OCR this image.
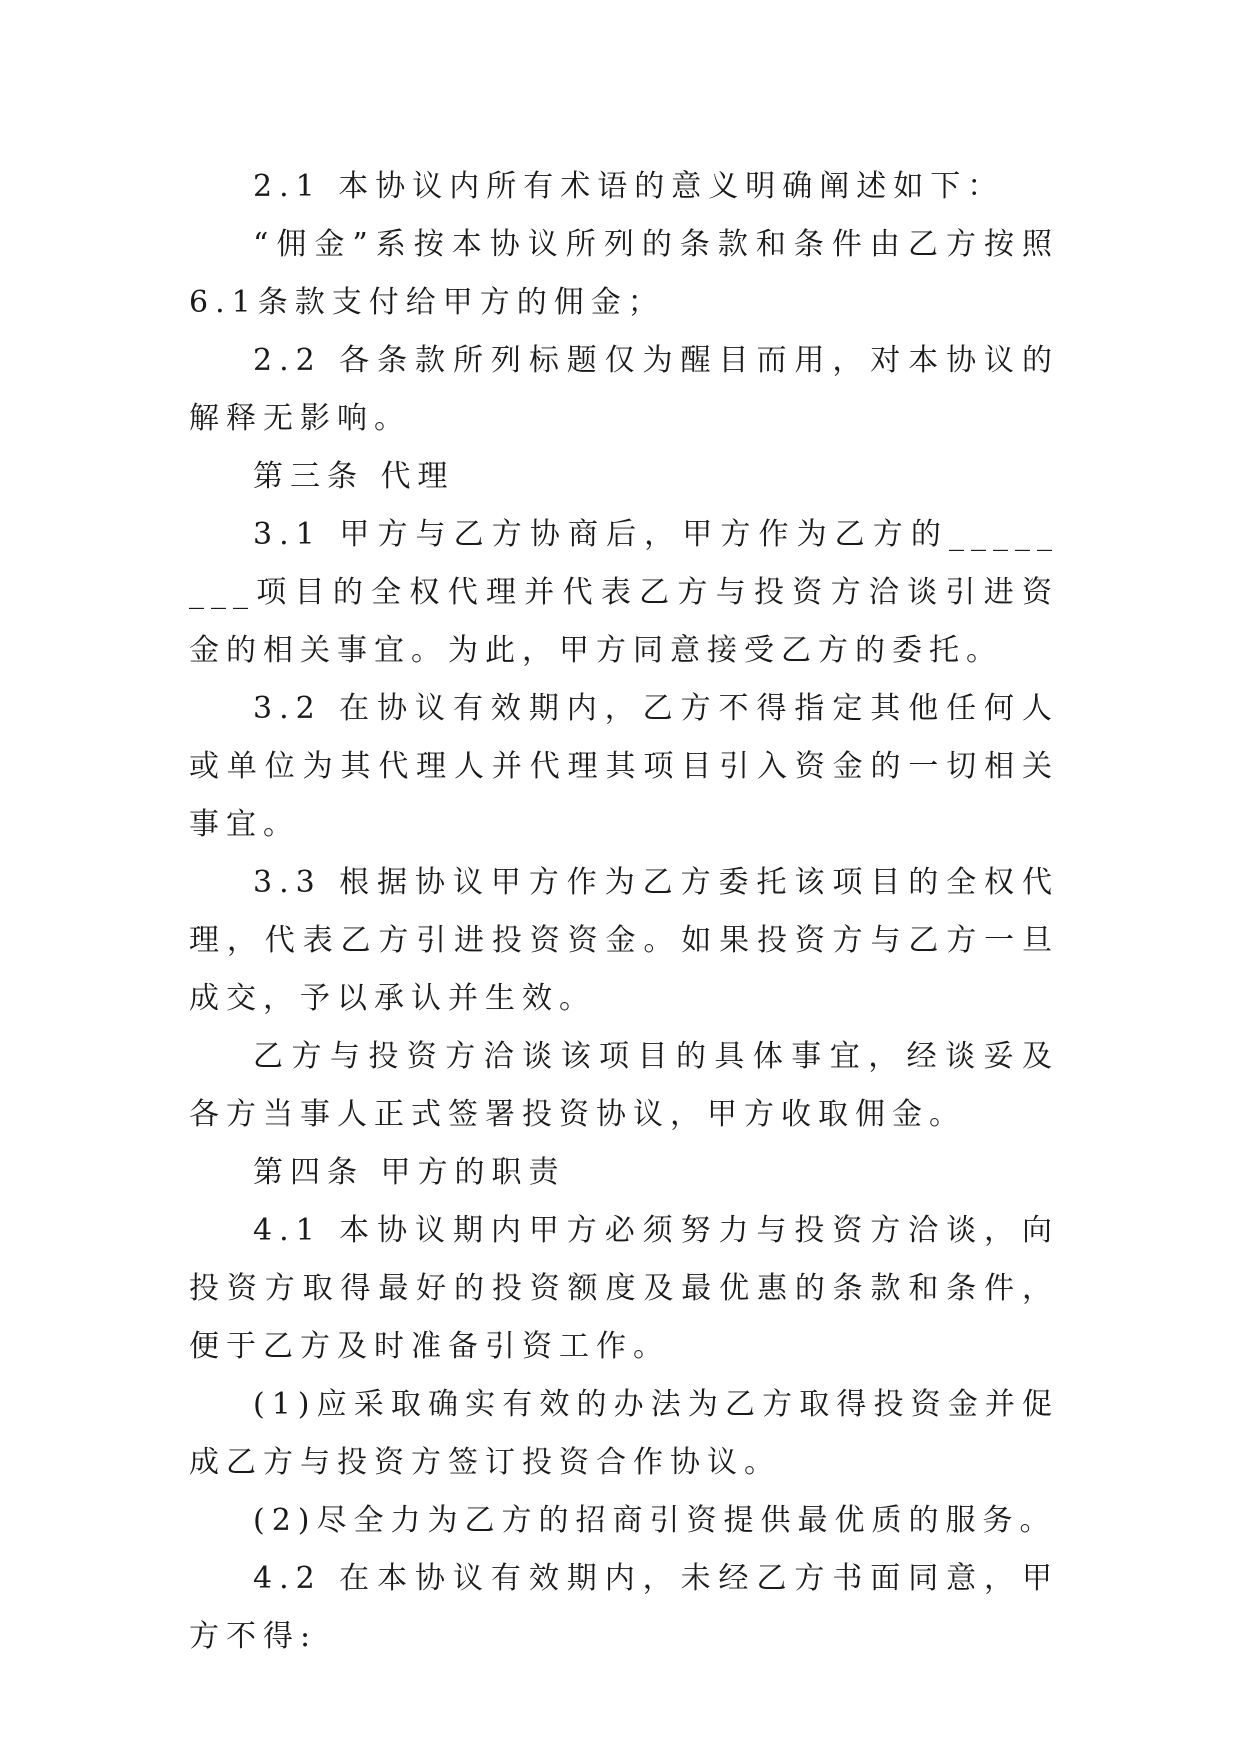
2.1 本协议内所有术语的意义明确阐述如下：

“佣金”系按本协议所列的条款和条件由乙方按照6.1条款支付给甲方的佣金；

2.2 各条款所列标题仅为醒目而用，对本协议的解释无影响。

第三条 代理

3.1 甲方与乙方协商后，甲方作为乙方的________项目的全权代理并代表乙方与投资方洽谈引进资金的相关事宜。为此，甲方同意接受乙方的委托。

3.2 在协议有效期内，乙方不得指定其他任何人或单位为其代理人并代理其项目引入资金的一切相关事宜。

3.3 根据协议甲方作为乙方委托该项目的全权代理，代表乙方引进投资资金。如果投资方与乙方一旦成交，予以承认并生效。

乙方与投资方洽谈该项目的具体事宜，经谈妥及各方当事人正式签署投资协议，甲方收取佣金。

第四条 甲方的职责

4.1 本协议期内甲方必须努力与投资方洽谈，向投资方取得最好的投资额度及最优惠的条款和条件，便于乙方及时准备引资工作。

(1)应采取确实有效的办法为乙方取得投资金并促成乙方与投资方签订投资合作协议。

(2)尽全力为乙方的招商引资提供最优质的服务。

4.2 在本协议有效期内，未经乙方书面同意，甲方不得:
